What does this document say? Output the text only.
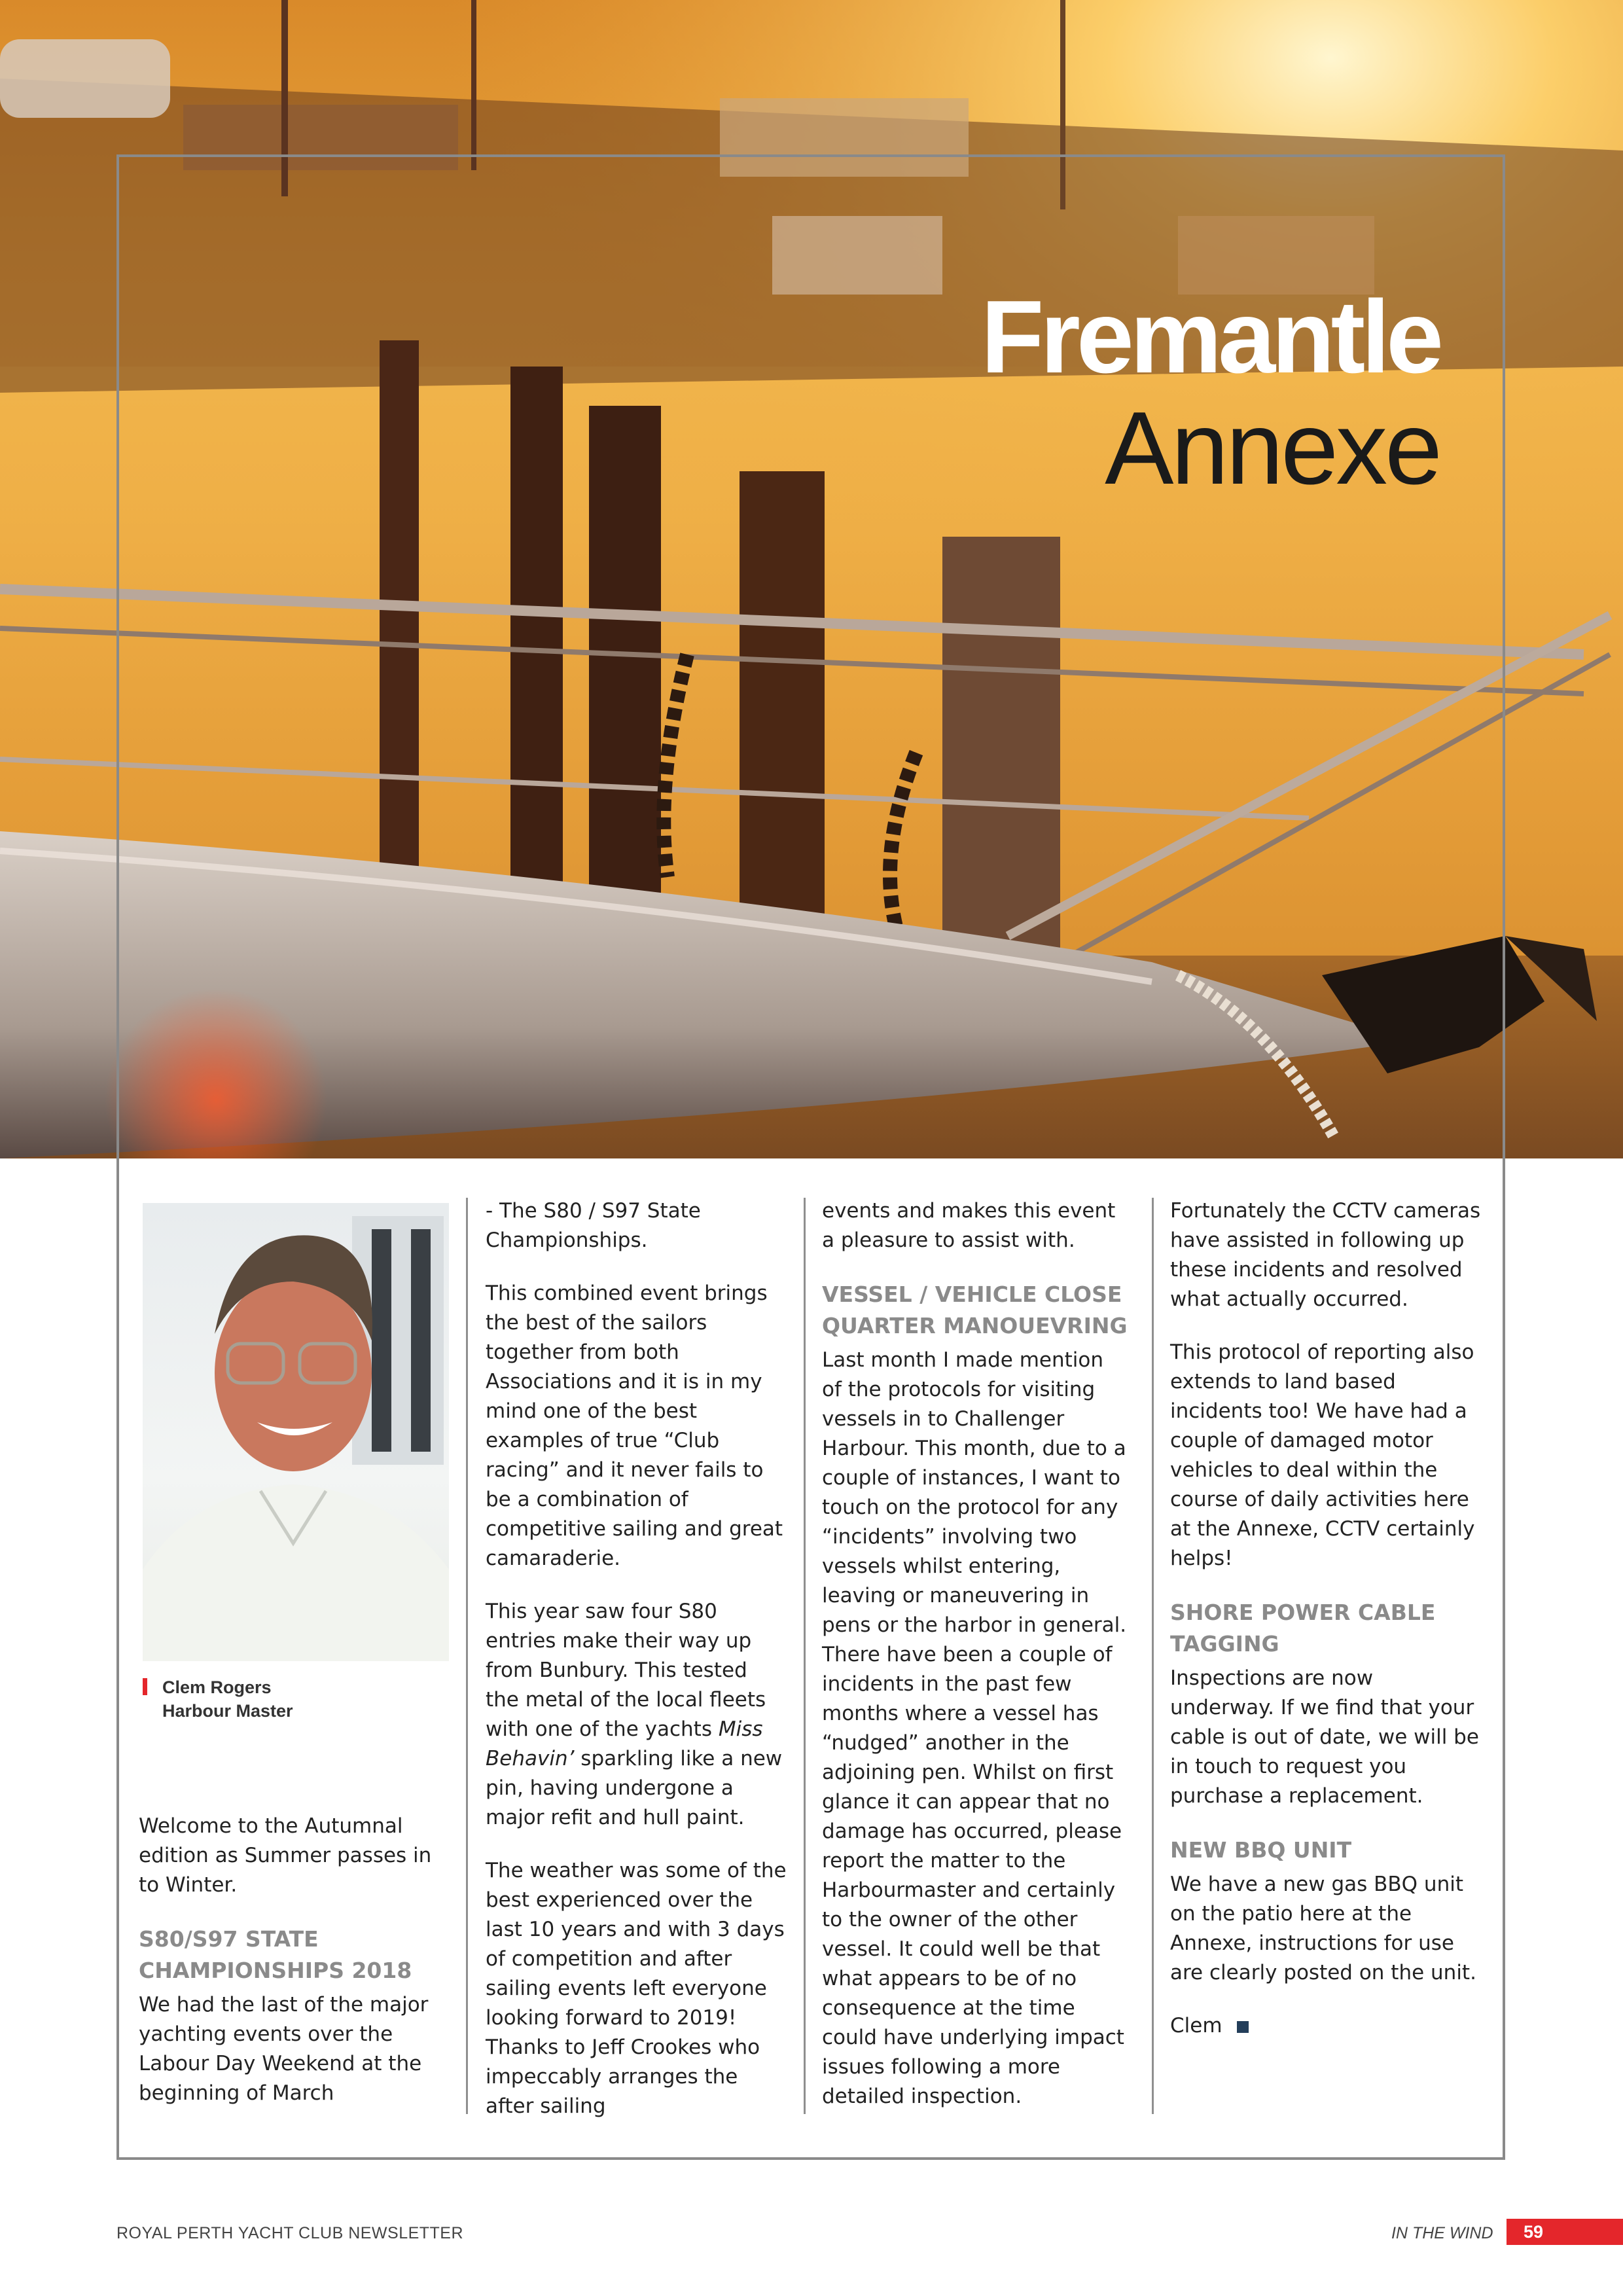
Fremantle
Annexe
Clem Rogers
Harbour Master

Welcome to the Autumnal edition as Summer passes in to Winter.

S80/S97 STATE CHAMPIONSHIPS 2018

We had the last of the major yachting events over the Labour Day Weekend at the beginning of March

- The S80 / S97 State Championships.

This combined event brings the best of the sailors together from both Associations and it is in my mind one of the best examples of true “Club racing” and it never fails to be a combination of competitive sailing and great camaraderie.

This year saw four S80 entries make their way up from Bunbury. This tested the metal of the local fleets with one of the yachts Miss Behavin’ sparkling like a new pin, having undergone a major refit and hull paint.

The weather was some of the best experienced over the last 10 years and with 3 days of competition and after sailing events left everyone looking forward to 2019! Thanks to Jeff Crookes who impeccably arranges the after sailing

events and makes this event a pleasure to assist with.

VESSEL / VEHICLE CLOSE QUARTER MANOUEVRING

Last month I made mention of the protocols for visiting vessels in to Challenger Harbour. This month, due to a couple of instances, I want to touch on the protocol for any “incidents” involving two vessels whilst entering, leaving or maneuvering in pens or the harbor in general. There have been a couple of incidents in the past few months where a vessel has “nudged” another in the adjoining pen. Whilst on first glance it can appear that no damage has occurred, please report the matter to the Harbourmaster and certainly to the owner of the other vessel. It could well be that what appears to be of no consequence at the time could have underlying impact issues following a more detailed inspection.

Fortunately the CCTV cameras have assisted in following up these incidents and resolved what actually occurred.

This protocol of reporting also extends to land based incidents too! We have had a couple of damaged motor vehicles to deal within the course of daily activities here at the Annexe, CCTV certainly helps!

SHORE POWER CABLE TAGGING

Inspections are now underway. If we find that your cable is out of date, we will be in touch to request you purchase a replacement.

NEW BBQ UNIT

We have a new gas BBQ unit on the patio here at the Annexe, instructions for use are clearly posted on the unit.

Clem

ROYAL PERTH YACHT CLUB NEWSLETTER	IN THE WIND	59
